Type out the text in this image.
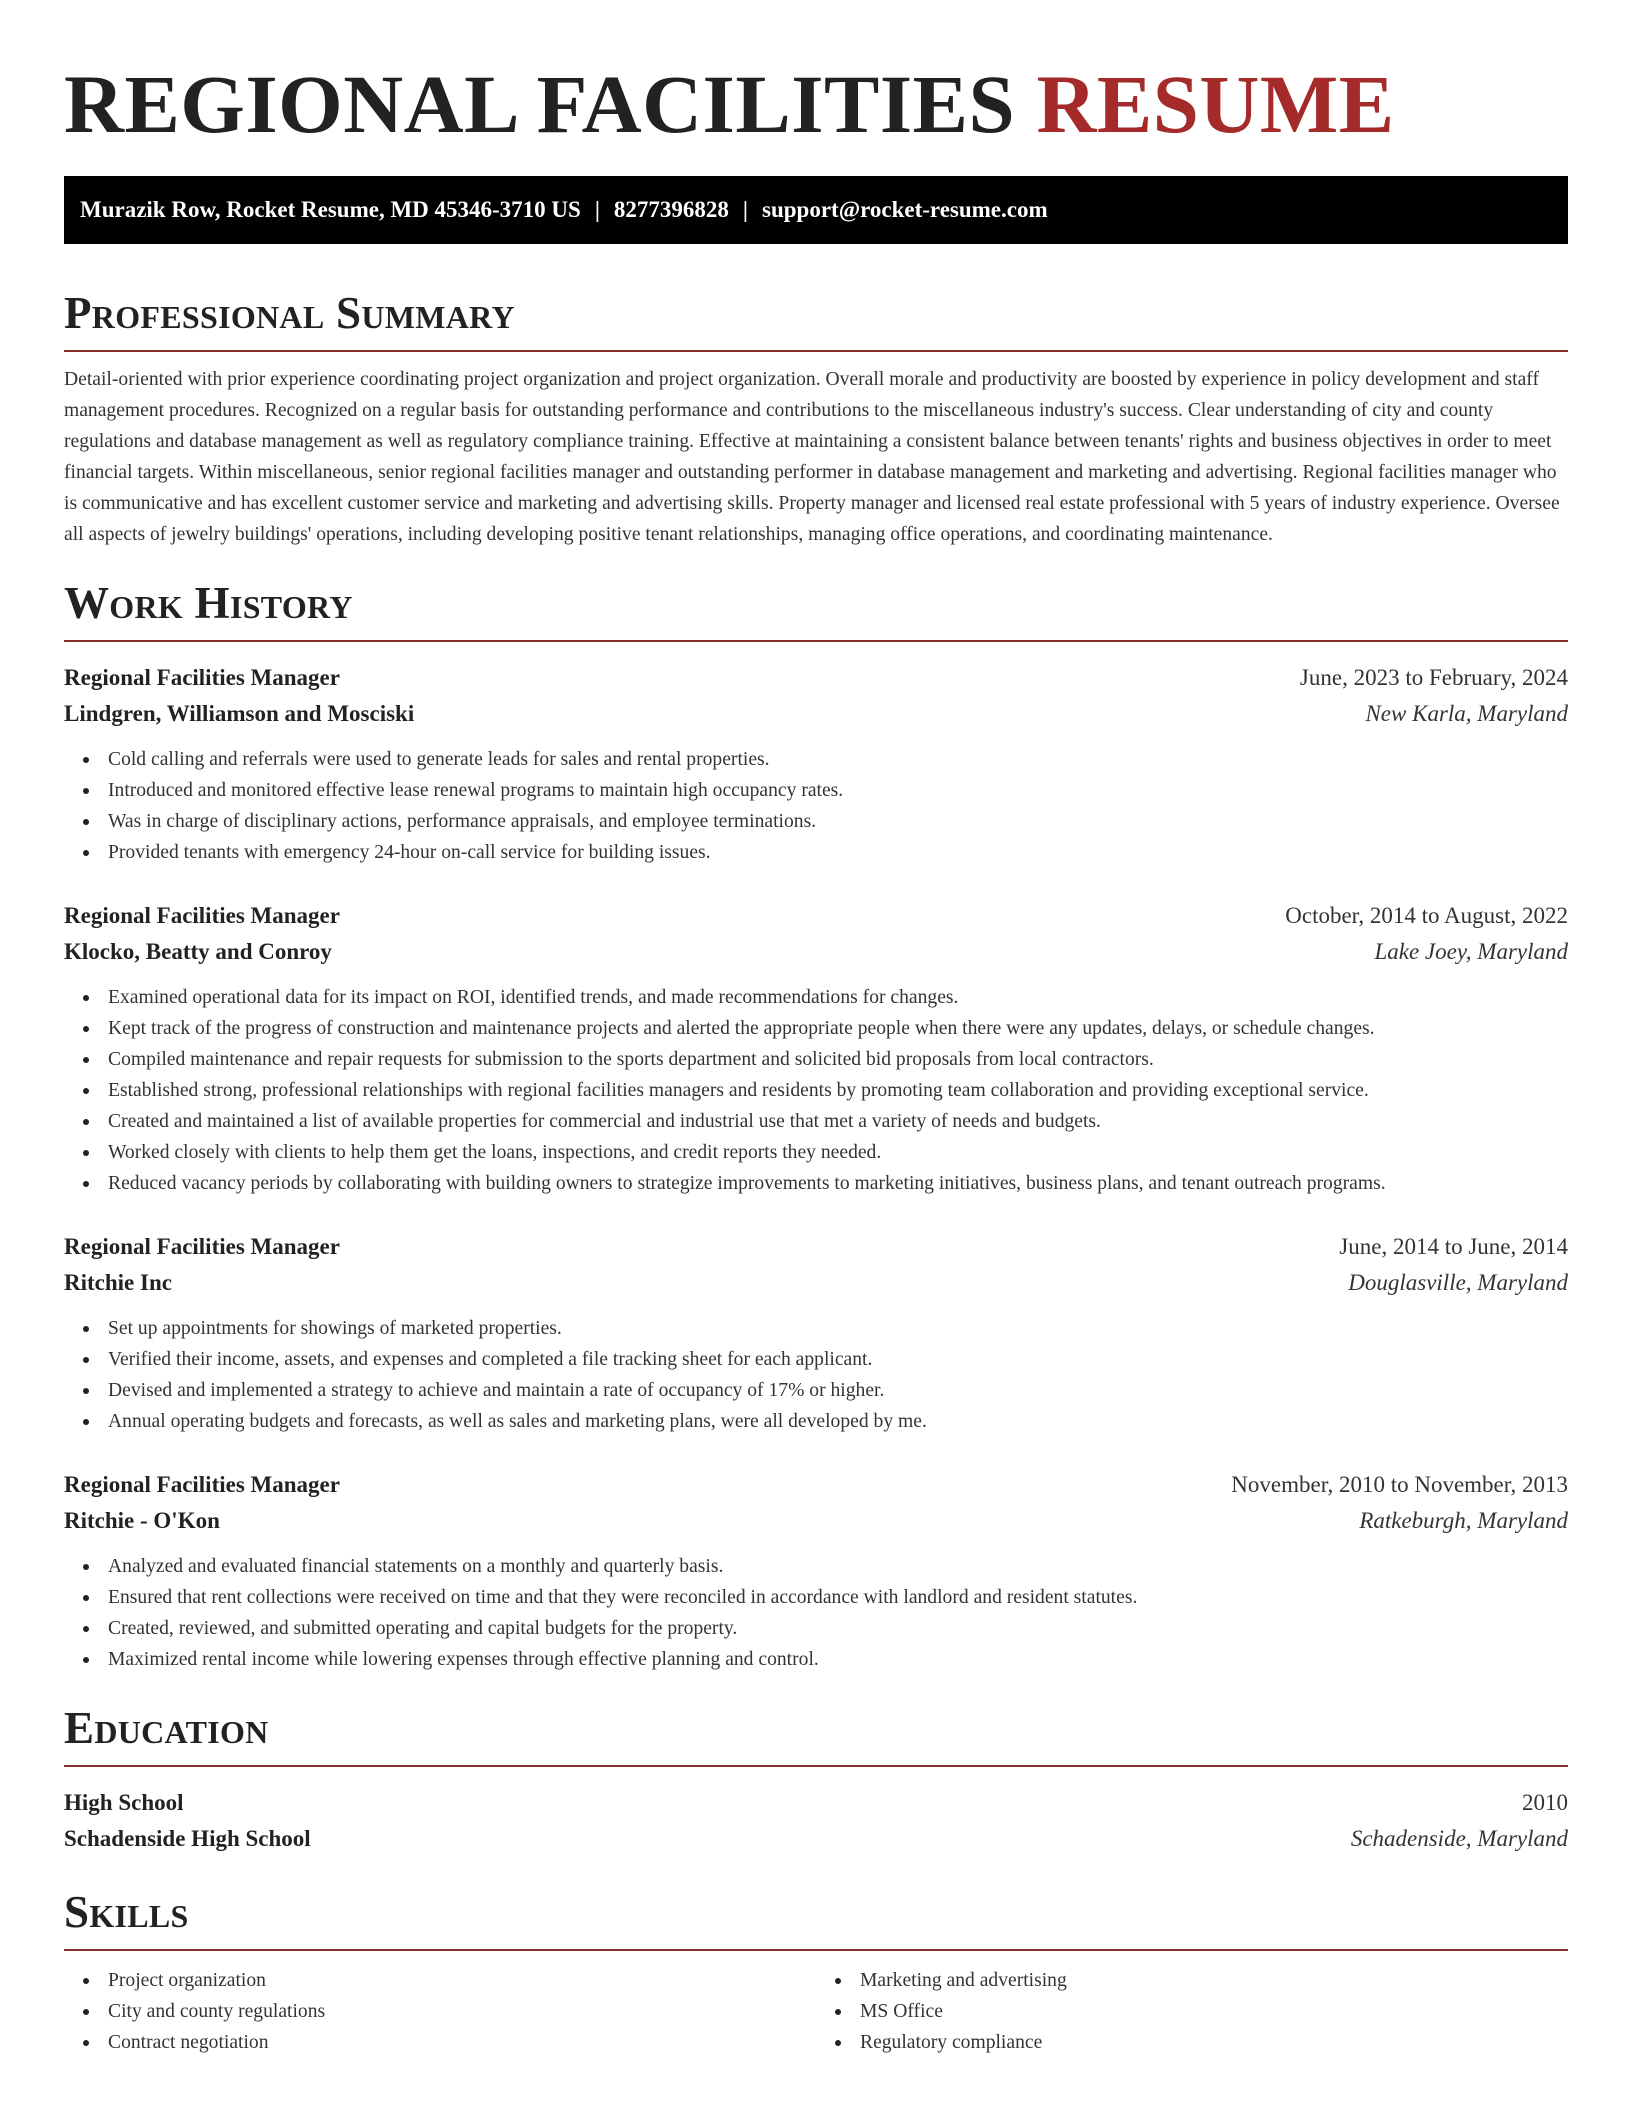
REGIONAL FACILITIES RESUME
Murazik Row, Rocket Resume, MD 45346-3710 US | 8277396828 | support@rocket-resume.com
Professional Summary

Detail-oriented with prior experience coordinating project organization and project organization. Overall morale and productivity are boosted by experience in policy development and staff management procedures. Recognized on a regular basis for outstanding performance and contributions to the miscellaneous industry's success. Clear understanding of city and county regulations and database management as well as regulatory compliance training. Effective at maintaining a consistent balance between tenants' rights and business objectives in order to meet financial targets. Within miscellaneous, senior regional facilities manager and outstanding performer in database management and marketing and advertising. Regional facilities manager who is communicative and has excellent customer service and marketing and advertising skills. Property manager and licensed real estate professional with 5 years of industry experience. Oversee all aspects of jewelry buildings' operations, including developing positive tenant relationships, managing office operations, and coordinating maintenance.

Work History
Regional Facilities Manager	June, 2023 to February, 2024
Lindgren, Williamson and Mosciski	New Karla, Maryland
Cold calling and referrals were used to generate leads for sales and rental properties.
Introduced and monitored effective lease renewal programs to maintain high occupancy rates.
Was in charge of disciplinary actions, performance appraisals, and employee terminations.
Provided tenants with emergency 24-hour on-call service for building issues.
Regional Facilities Manager	October, 2014 to August, 2022
Klocko, Beatty and Conroy	Lake Joey, Maryland
Examined operational data for its impact on ROI, identified trends, and made recommendations for changes.
Kept track of the progress of construction and maintenance projects and alerted the appropriate people when there were any updates, delays, or schedule changes.
Compiled maintenance and repair requests for submission to the sports department and solicited bid proposals from local contractors.
Established strong, professional relationships with regional facilities managers and residents by promoting team collaboration and providing exceptional service.
Created and maintained a list of available properties for commercial and industrial use that met a variety of needs and budgets.
Worked closely with clients to help them get the loans, inspections, and credit reports they needed.
Reduced vacancy periods by collaborating with building owners to strategize improvements to marketing initiatives, business plans, and tenant outreach programs.
Regional Facilities Manager	June, 2014 to June, 2014
Ritchie Inc	Douglasville, Maryland
Set up appointments for showings of marketed properties.
Verified their income, assets, and expenses and completed a file tracking sheet for each applicant.
Devised and implemented a strategy to achieve and maintain a rate of occupancy of 17% or higher.
Annual operating budgets and forecasts, as well as sales and marketing plans, were all developed by me.
Regional Facilities Manager	November, 2010 to November, 2013
Ritchie - O'Kon	Ratkeburgh, Maryland
Analyzed and evaluated financial statements on a monthly and quarterly basis.
Ensured that rent collections were received on time and that they were reconciled in accordance with landlord and resident statutes.
Created, reviewed, and submitted operating and capital budgets for the property.
Maximized rental income while lowering expenses through effective planning and control.
Education
High School	2010
Schadenside High School	Schadenside, Maryland
Skills
Project organization
City and county regulations
Contract negotiation
Marketing and advertising
MS Office
Regulatory compliance
